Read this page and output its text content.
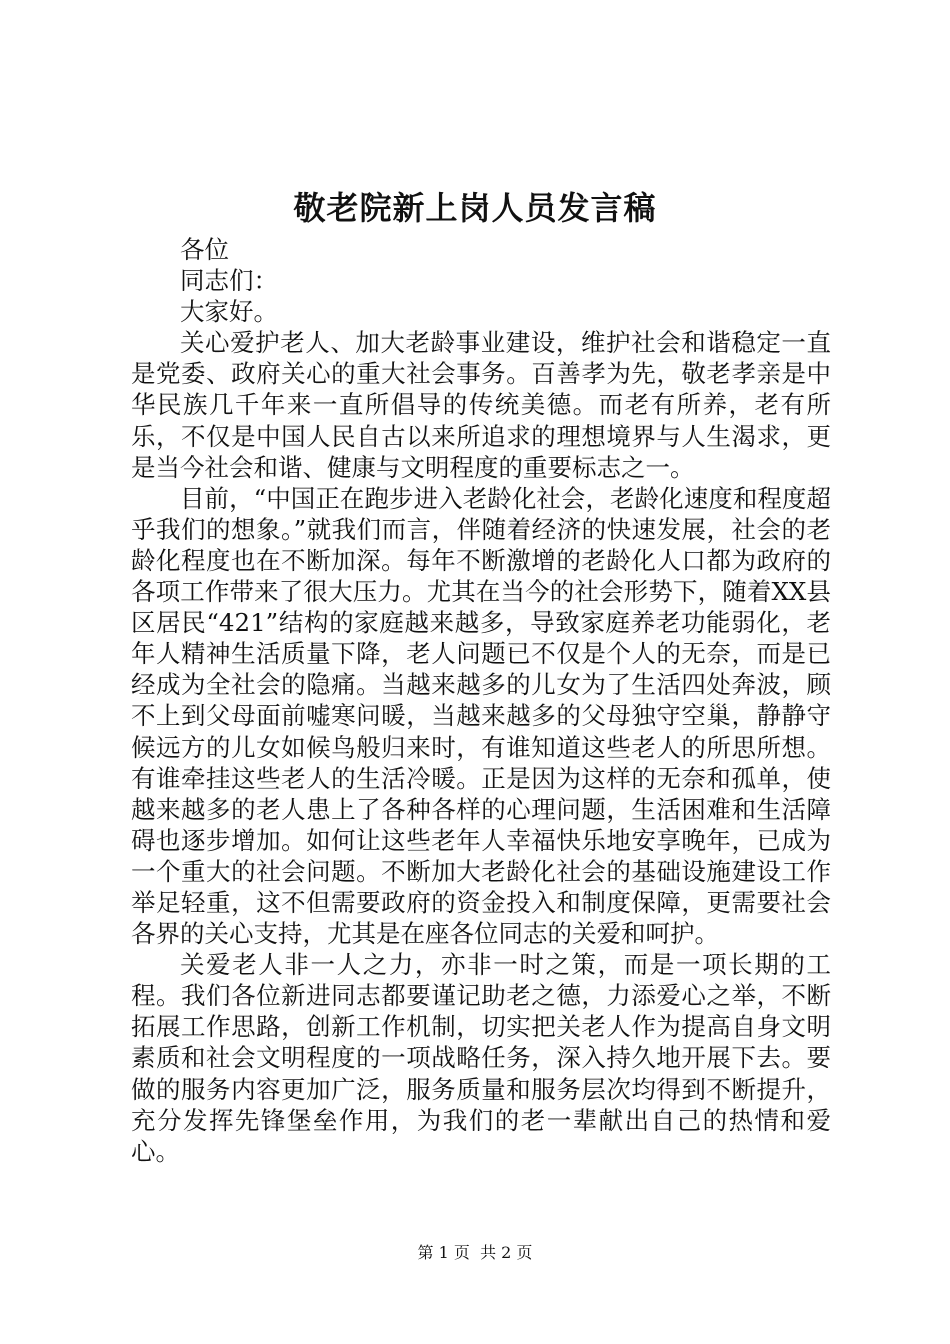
敬老院新上岗人员发言稿

各位

同志们：

大家好。

关心爱护老人、加大老龄事业建设，维护社会和谐稳定一直是党委、政府关心的重大社会事务。百善孝为先，敬老孝亲是中华民族几千年来一直所倡导的传统美德。而老有所养，老有所乐，不仅是中国人民自古以来所追求的理想境界与人生渴求，更是当今社会和谐、健康与文明程度的重要标志之一。

目前，“中国正在跑步进入老龄化社会，老龄化速度和程度超乎我们的想象。”就我们而言，伴随着经济的快速发展，社会的老龄化程度也在不断加深。每年不断激增的老龄化人口都为政府的各项工作带来了很大压力。尤其在当今的社会形势下，随着XX县区居民“421”结构的家庭越来越多，导致家庭养老功能弱化，老年人精神生活质量下降，老人问题已不仅是个人的无奈，而是已经成为全社会的隐痛。当越来越多的儿女为了生活四处奔波，顾不上到父母面前嘘寒问暖，当越来越多的父母独守空巢，静静守候远方的儿女如候鸟般归来时，有谁知道这些老人的所思所想。有谁牵挂这些老人的生活冷暖。正是因为这样的无奈和孤单，使越来越多的老人患上了各种各样的心理问题，生活困难和生活障碍也逐步增加。如何让这些老年人幸福快乐地安享晚年，已成为一个重大的社会问题。不断加大老龄化社会的基础设施建设工作举足轻重，这不但需要政府的资金投入和制度保障，更需要社会各界的关心支持，尤其是在座各位同志的关爱和呵护。

关爱老人非一人之力，亦非一时之策，而是一项长期的工程。我们各位新进同志都要谨记助老之德，力添爱心之举，不断拓展工作思路，创新工作机制，切实把关老人作为提高自身文明素质和社会文明程度的一项战略任务，深入持久地开展下去。要做的服务内容更加广泛，服务质量和服务层次均得到不断提升，充分发挥先锋堡垒作用，为我们的老一辈献出自己的热情和爱心。

第 1 页  共 2 页
